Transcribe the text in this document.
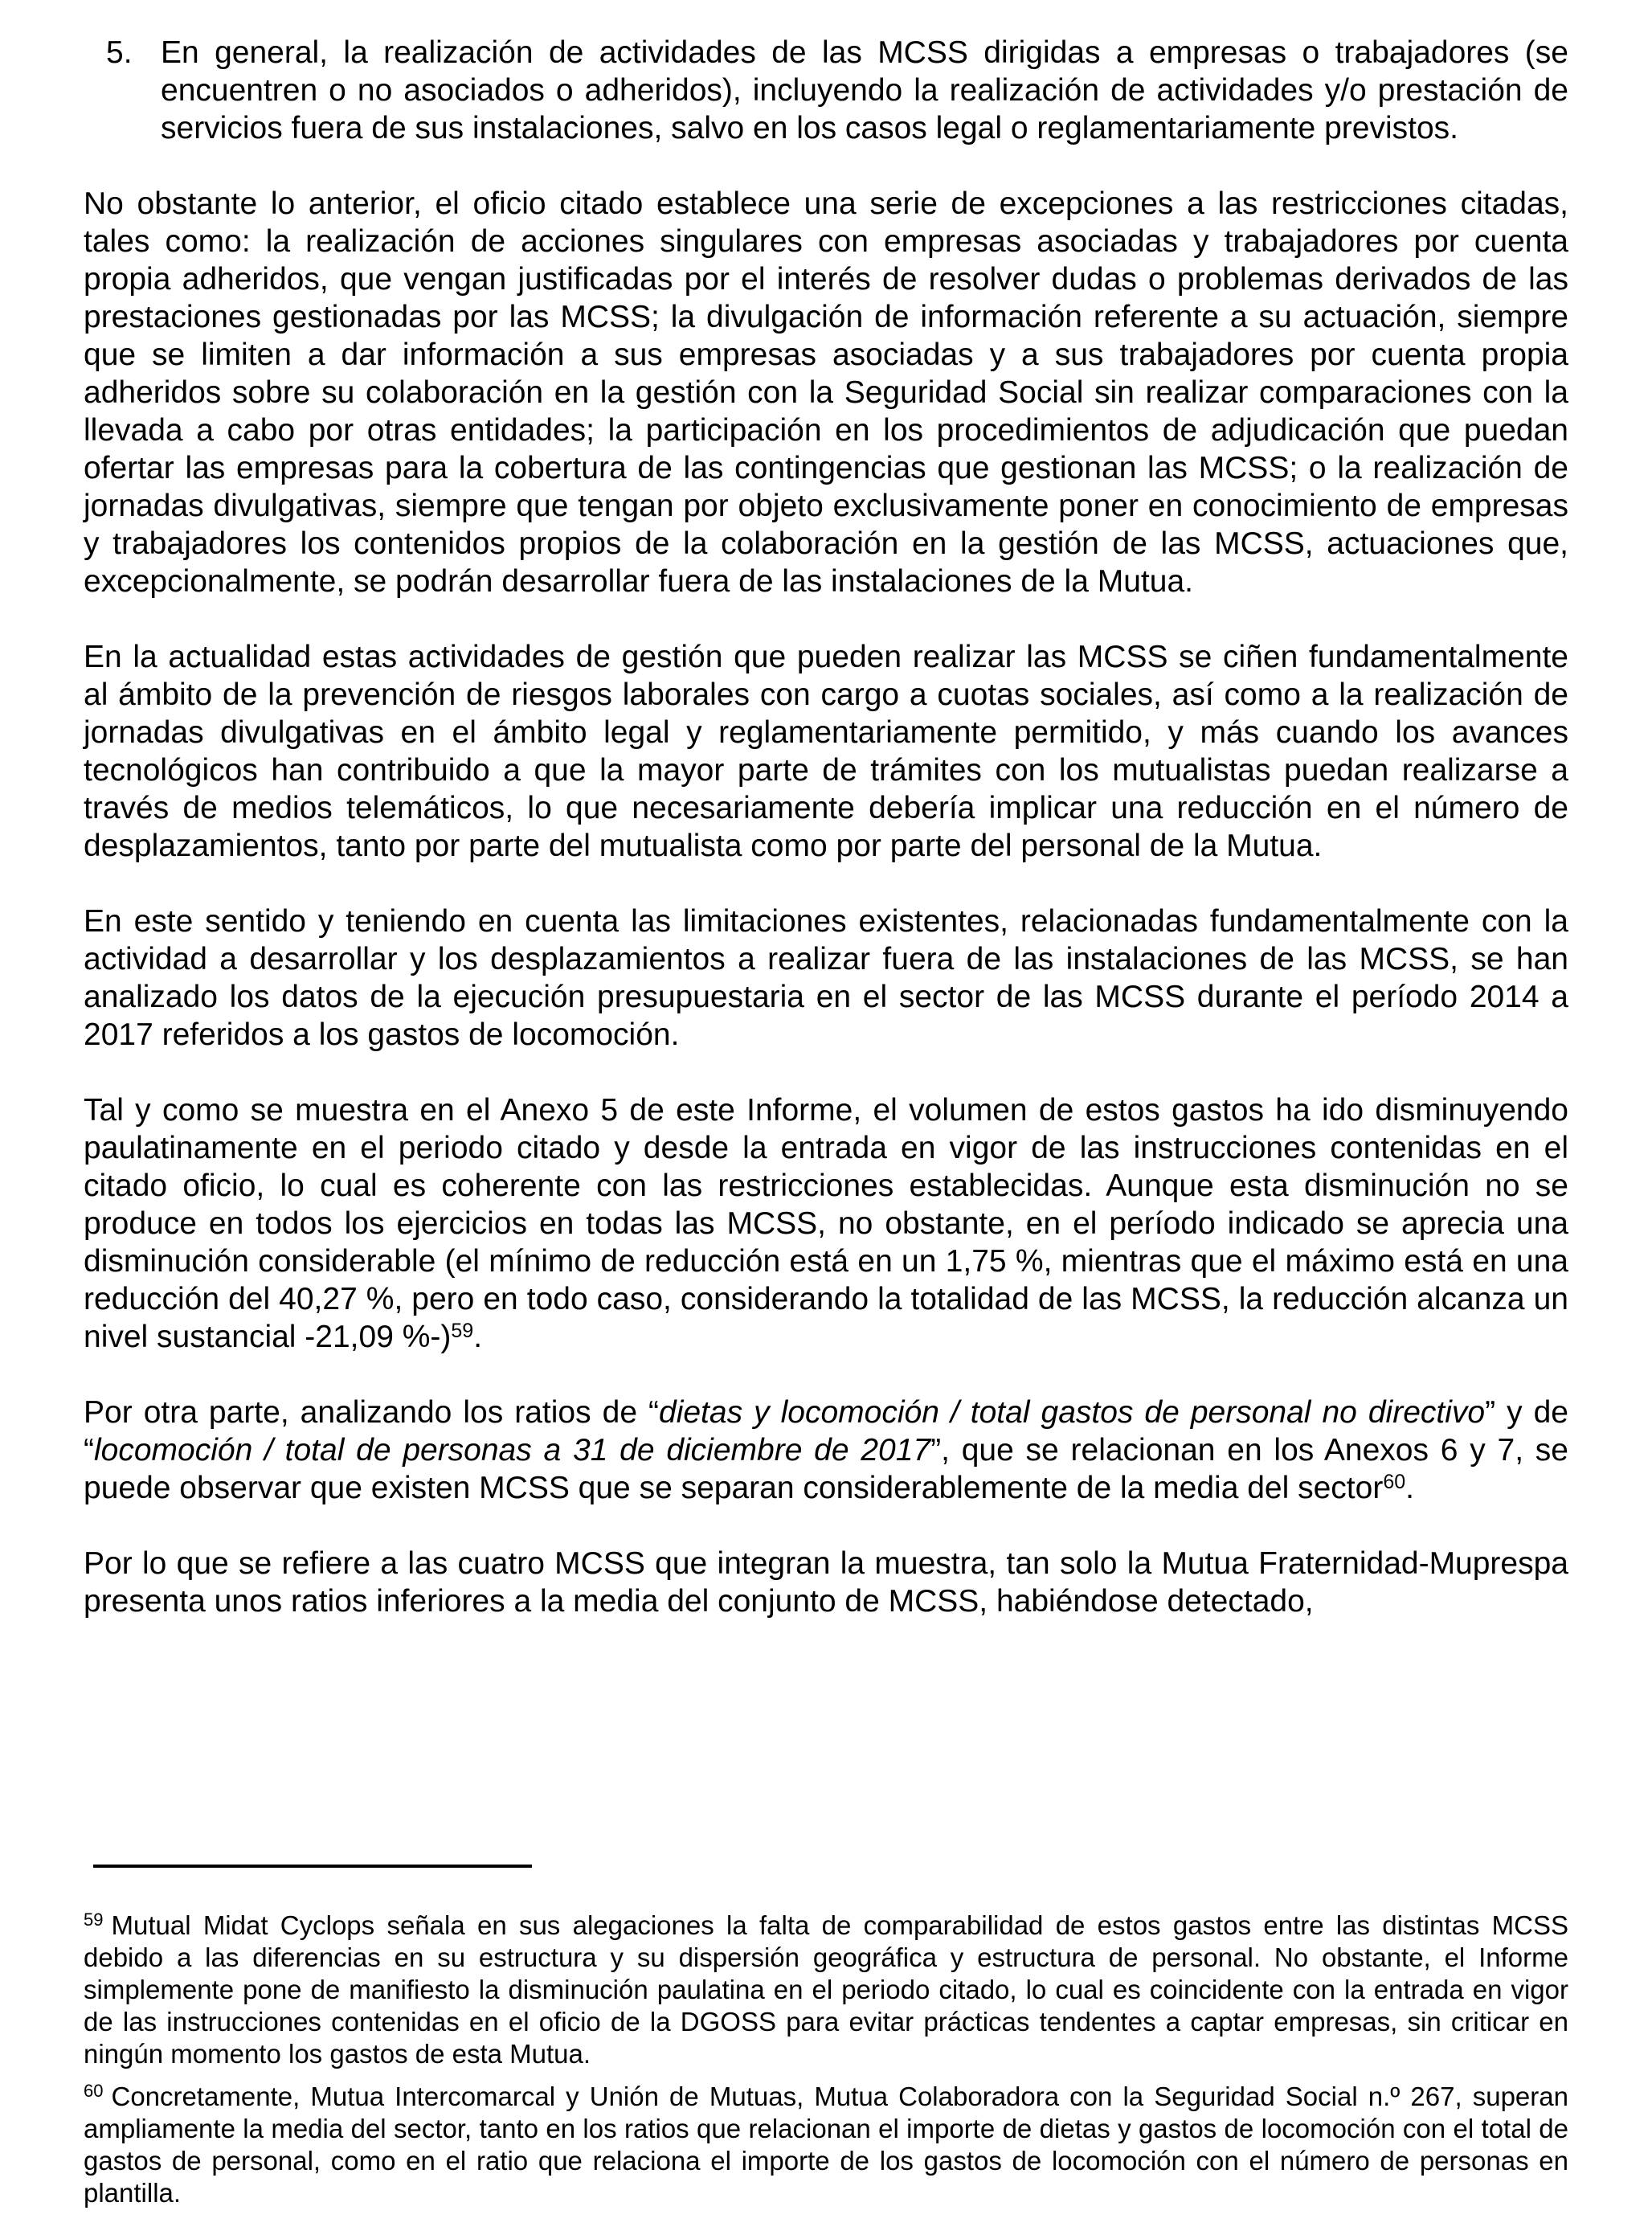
5. En general, la realización de actividades de las MCSS dirigidas a empresas o trabajadores (se encuentren o no asociados o adheridos), incluyendo la realización de actividades y/o prestación de servicios fuera de sus instalaciones, salvo en los casos legal o reglamentariamente previstos.

No obstante lo anterior, el oficio citado establece una serie de excepciones a las restricciones citadas, tales como: la realización de acciones singulares con empresas asociadas y trabajadores por cuenta propia adheridos, que vengan justificadas por el interés de resolver dudas o problemas derivados de las prestaciones gestionadas por las MCSS; la divulgación de información referente a su actuación, siempre que se limiten a dar información a sus empresas asociadas y a sus trabajadores por cuenta propia adheridos sobre su colaboración en la gestión con la Seguridad Social sin realizar comparaciones con la llevada a cabo por otras entidades; la participación en los procedimientos de adjudicación que puedan ofertar las empresas para la cobertura de las contingencias que gestionan las MCSS; o la realización de jornadas divulgativas, siempre que tengan por objeto exclusivamente poner en conocimiento de empresas y trabajadores los contenidos propios de la colaboración en la gestión de las MCSS, actuaciones que, excepcionalmente, se podrán desarrollar fuera de las instalaciones de la Mutua.

En la actualidad estas actividades de gestión que pueden realizar las MCSS se ciñen fundamentalmente al ámbito de la prevención de riesgos laborales con cargo a cuotas sociales, así como a la realización de jornadas divulgativas en el ámbito legal y reglamentariamente permitido, y más cuando los avances tecnológicos han contribuido a que la mayor parte de trámites con los mutualistas puedan realizarse a través de medios telemáticos, lo que necesariamente debería implicar una reducción en el número de desplazamientos, tanto por parte del mutualista como por parte del personal de la Mutua.

En este sentido y teniendo en cuenta las limitaciones existentes, relacionadas fundamentalmente con la actividad a desarrollar y los desplazamientos a realizar fuera de las instalaciones de las MCSS, se han analizado los datos de la ejecución presupuestaria en el sector de las MCSS durante el período 2014 a 2017 referidos a los gastos de locomoción.

Tal y como se muestra en el Anexo 5 de este Informe, el volumen de estos gastos ha ido disminuyendo paulatinamente en el periodo citado y desde la entrada en vigor de las instrucciones contenidas en el citado oficio, lo cual es coherente con las restricciones establecidas. Aunque esta disminución no se produce en todos los ejercicios en todas las MCSS, no obstante, en el período indicado se aprecia una disminución considerable (el mínimo de reducción está en un 1,75 %, mientras que el máximo está en una reducción del 40,27 %, pero en todo caso, considerando la totalidad de las MCSS, la reducción alcanza un nivel sustancial -21,09 %-)$^{59}$.

Por otra parte, analizando los ratios de “dietas y locomoción / total gastos de personal no directivo” y de “locomoción / total de personas a 31 de diciembre de 2017”, que se relacionan en los Anexos 6 y 7, se puede observar que existen MCSS que se separan considerablemente de la media del sector$^{60}$.

Por lo que se refiere a las cuatro MCSS que integran la muestra, tan solo la Mutua Fraternidad-Muprespa presenta unos ratios inferiores a la media del conjunto de MCSS, habiéndose detectado,

$^{59}$ Mutual Midat Cyclops señala en sus alegaciones la falta de comparabilidad de estos gastos entre las distintas MCSS debido a las diferencias en su estructura y su dispersión geográfica y estructura de personal. No obstante, el Informe simplemente pone de manifiesto la disminución paulatina en el periodo citado, lo cual es coincidente con la entrada en vigor de las instrucciones contenidas en el oficio de la DGOSS para evitar prácticas tendentes a captar empresas, sin criticar en ningún momento los gastos de esta Mutua.

$^{60}$ Concretamente, Mutua Intercomarcal y Unión de Mutuas, Mutua Colaboradora con la Seguridad Social n.º 267, superan ampliamente la media del sector, tanto en los ratios que relacionan el importe de dietas y gastos de locomoción con el total de gastos de personal, como en el ratio que relaciona el importe de los gastos de locomoción con el número de personas en plantilla.
